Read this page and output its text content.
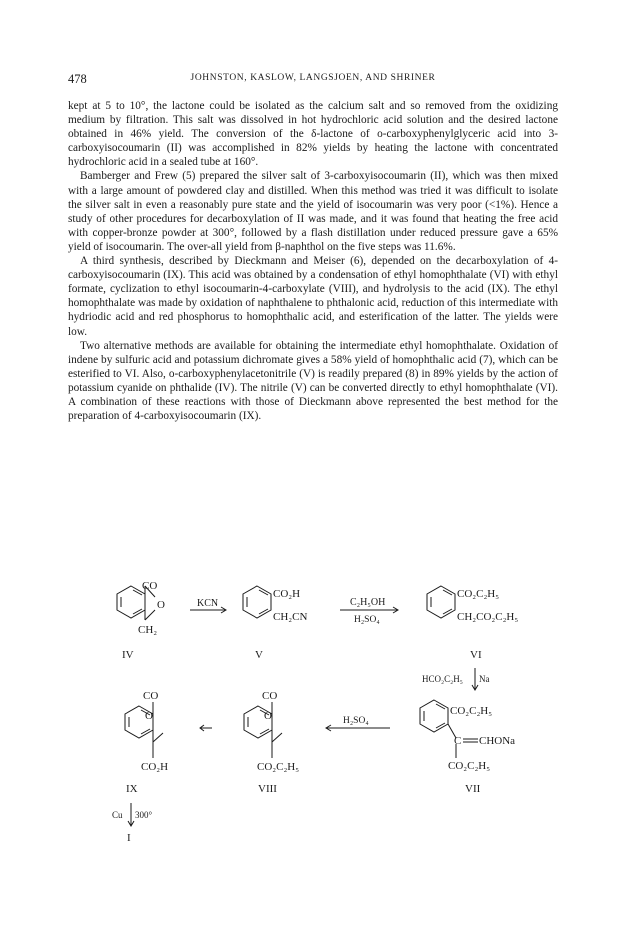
478	JOHNSTON, KASLOW, LANGSJOEN, AND SHRINER

kept at 5 to 10°, the lactone could be isolated as the calcium salt and so removed from the oxidizing medium by filtration. This salt was dissolved in hot hydrochloric acid solution and the desired lactone obtained in 46% yield. The conversion of the δ-lactone of o-carboxyphenylglyceric acid into 3-carboxyisocoumarin (II) was accomplished in 82% yields by heating the lactone with concentrated hydrochloric acid in a sealed tube at 160°.

Bamberger and Frew (5) prepared the silver salt of 3-carboxyisocoumarin (II), which was then mixed with a large amount of powdered clay and distilled. When this method was tried it was difficult to isolate the silver salt in even a reasonably pure state and the yield of isocoumarin was very poor (<1%). Hence a study of other procedures for decarboxylation of II was made, and it was found that heating the free acid with copper-bronze powder at 300°, followed by a flash distillation under reduced pressure gave a 65% yield of isocoumarin. The over-all yield from β-naphthol on the five steps was 11.6%.

A third synthesis, described by Dieckmann and Meiser (6), depended on the decarboxylation of 4-carboxyisocoumarin (IX). This acid was obtained by a condensation of ethyl homophthalate (VI) with ethyl formate, cyclization to ethyl isocoumarin-4-carboxylate (VIII), and hydrolysis to the acid (IX). The ethyl homophthalate was made by oxidation of naphthalene to phthalonic acid, reduction of this intermediate with hydriodic acid and red phosphorus to homophthalic acid, and esterification of the latter. The yields were low.

Two alternative methods are available for obtaining the intermediate ethyl homophthalate. Oxidation of indene by sulfuric acid and potassium dichromate gives a 58% yield of homophthalic acid (7), which can be esterified to VI. Also, o-carboxyphenylacetonitrile (V) is readily prepared (8) in 89% yields by the action of potassium cyanide on phthalide (IV). The nitrile (V) can be converted directly to ethyl homophthalate (VI). A combination of these reactions with those of Dieckmann above represented the best method for the preparation of 4-carboxyisocoumarin (IX).

CO
O
CH₂
IV
KCN
CO₂H
CH₂CN
V
C₂H₅OH
H₂SO₄
CO₂C₂H₅
CH₂CO₂C₂H₅
VI
HCO₂C₂H₅ Na
CO₂C₂H₅
C CHONa
CO₂C₂H₅
VII
H₂SO₄
CO
O
CO₂C₂H₅
VIII
CO
O
CO₂H
IX
Cu 300°
I
